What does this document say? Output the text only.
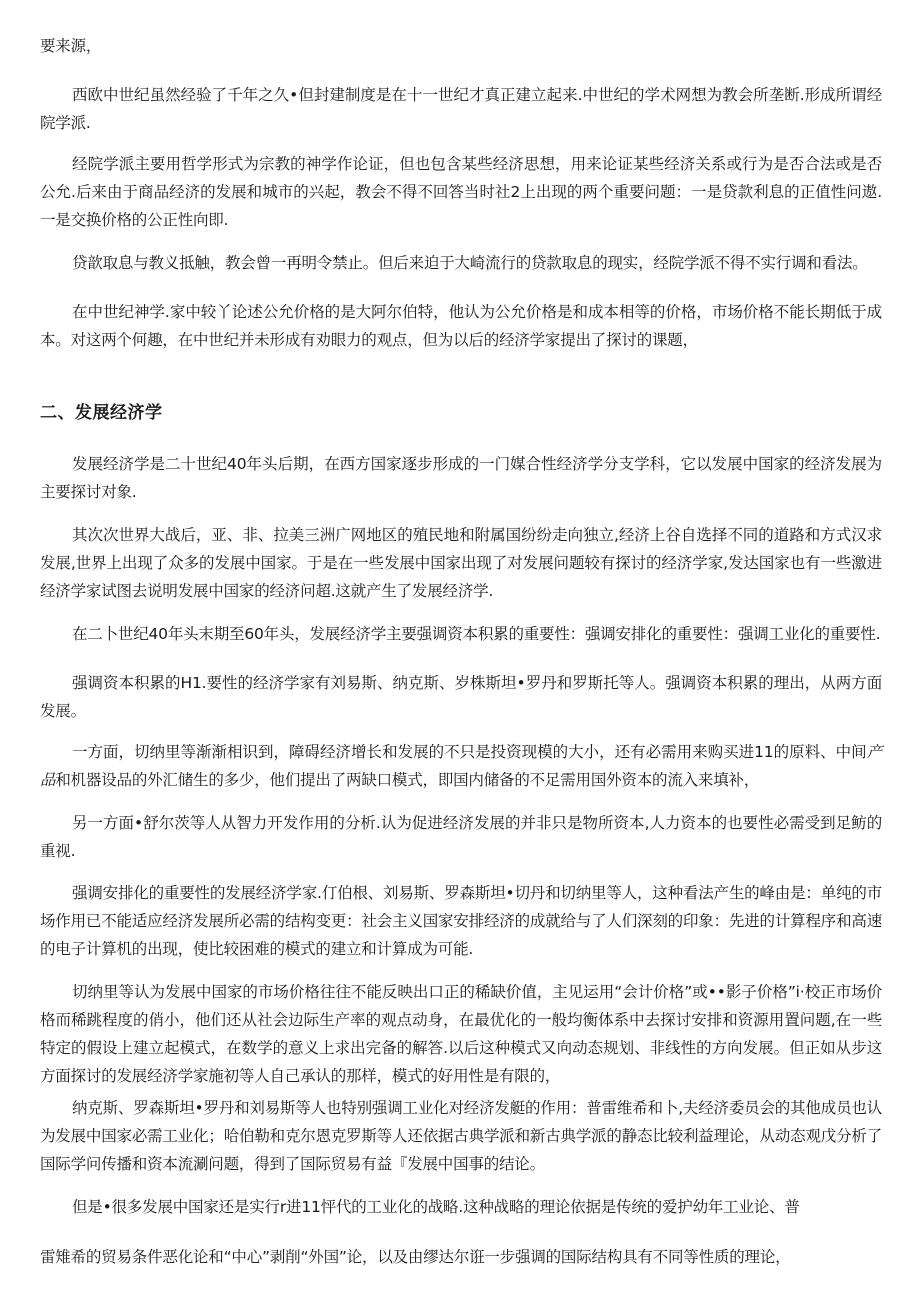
要来源，

西欧中世纪虽然经验了千年之久•但封建制度是在十一世纪才真正建立起来.中世纪的学术网想为教会所垄断.形成所谓经院学派.

经院学派主要用哲学形式为宗教的神学作论证，但也包含某些经济思想，用来论证某些经济关系或行为是否合法或是否公允.后来由于商品经济的发展和城市的兴起，教会不得不回答当时社2上出现的两个重要问题：一是贷款利息的正值性问遨.一是交换价格的公正性向即.

贷歆取息与教义抵触，教会曾一再明令禁止。但后来迫于大崎流行的贷款取息的现实，经院学派不得不实行调和看法。

在中世纪神学.家中较丫论述公允价格的是大阿尔伯特，他认为公允价格是和成本相等的价格，市场价格不能长期低于成本。对这两个何趣，在中世纪并未形成有劝眼力的观点，但为以后的经济学家提出了探讨的课题，

二、发展经济学

发展经济学是二十世纪40年头后期，在西方国家逐步形成的一门媒合性经济学分支学科，它以发展中国家的经济发展为主要探讨对象.

其次次世界大战后，亚、非、拉美三洲广网地区的殖民地和附属国纷纷走向独立,经济上谷自选择不同的道路和方式汉求发展,世界上出现了众多的发展中国家。于是在一些发展中国家出现了对发展问题较有探讨的经济学家,发达国家也有一些激进经济学家试图去说明发展中国家的经济问超.这就产生了发展经济学.

在二卜世纪40年头末期至60年头，发展经济学主要强调资本积累的重要性：强调安排化的重要性：强调工业化的重要性.

强调资本积累的H1.要性的经济学家有刘易斯、纳克斯、岁株斯坦•罗丹和罗斯托等人。强调资本积累的理出，从两方面发展。

一方面，切纳里等渐渐相识到，障碍经济增长和发展的不只是投资现模的大小，还有必需用来购买进11的原料、中间产品和机器设品的外汇储生的多少，他们提出了两缺口模式，即国内储备的不足需用国外资本的流入来填补，

另一方面•舒尔茨等人从智力开发作用的分析.认为促进经济发展的并非只是物所资本,人力资本的也要性必需受到足鲂的重视.

强调安排化的重要性的发展经济学家.仃伯根、刘易斯、罗森斯坦•切丹和切纳里等人，这种看法产生的峰由是：单纯的市场作用已不能适应经济发展所必需的结构变更：社会主义国家安排经济的成就给与了人们深刻的印象：先进的计算程序和高速的电子计算机的出现，使比较困难的模式的建立和计算成为可能.

切纳里等认为发展中国家的市场价格往往不能反映出口正的稀缺价值，主见运用“会计价格”或••影子价格”i·校正市场价格而稀跳程度的俏小，他们还从社会边际生产率的观点动身，在最优化的一般均衡体系中去探讨安排和资源用置问题,在一些特定的假设上建立起模式，在数学的意义上求出完备的解答.以后这种模式又向动态规划、非线性的方向发展。但正如从步这方面探讨的发展经济学家施初等人自己承认的那样，模式的好用性是有限的，

纳克斯、罗森斯坦•罗丹和刘易斯等人也特别强调工业化对经济发艇的作用：普雷维希和卜,夫经济委员会的其他成员也认为发展中国家必需工业化；哈伯勒和克尔恩克罗斯等人还依据古典学派和新古典学派的静态比较利益理论，从动态观戊分析了国际学问传播和资本流涮问题，得到了国际贸易有益『发展中国事的结论。

但是•很多发展中国家还是实行r进11怦代的工业化的战略.这种战略的理论依据是传统的爱护幼年工业论、普

雷雉希的贸易条件恶化论和“中心”剥削“外国”论，以及由缪达尔诳一步强调的国际结构具有不同等性质的理论，
